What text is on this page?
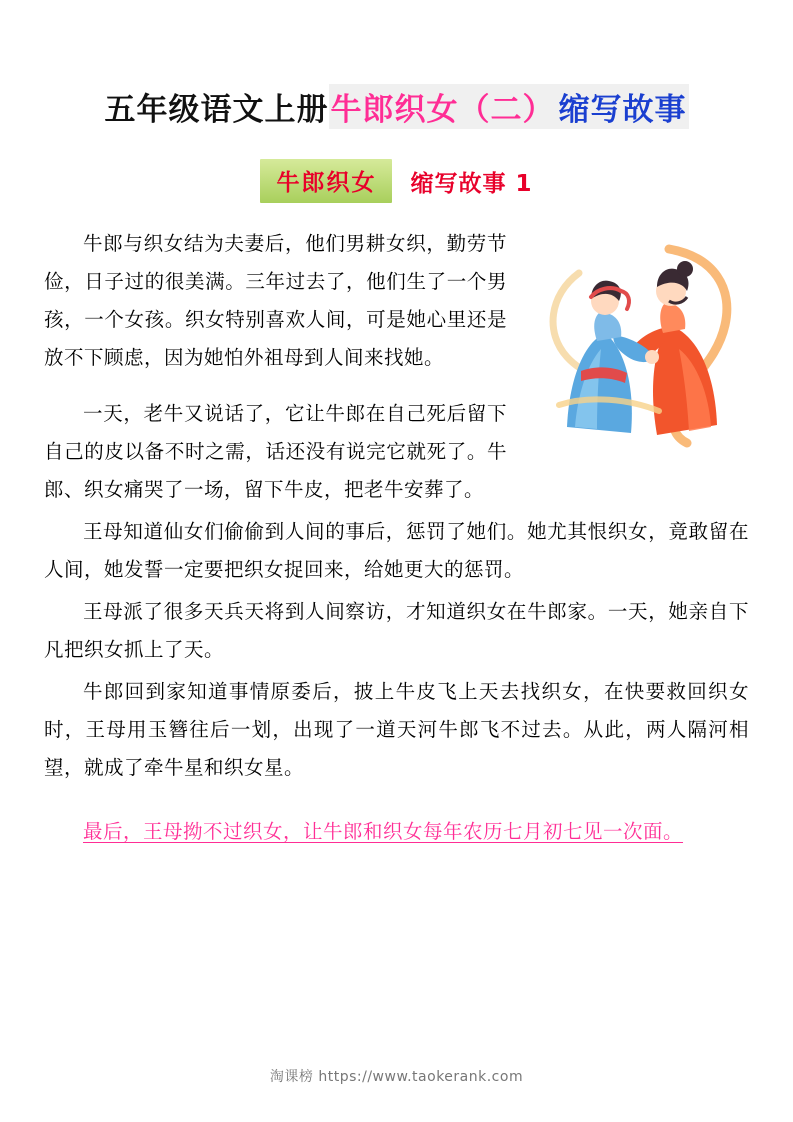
五年级语文上册 牛郎织女（二） 缩写故事
牛郎织女	缩写故事 1

牛郎与织女结为夫妻后，他们男耕女织，勤劳节俭，日子过的很美满。三年过去了，他们生了一个男孩，一个女孩。织女特别喜欢人间，可是她心里还是放不下顾虑，因为她怕外祖母到人间来找她。

一天，老牛又说话了，它让牛郎在自己死后留下自己的皮以备不时之需，话还没有说完它就死了。牛郎、织女痛哭了一场，留下牛皮，把老牛安葬了。

王母知道仙女们偷偷到人间的事后，惩罚了她们。她尤其恨织女，竟敢留在人间，她发誓一定要把织女捉回来，给她更大的惩罚。

王母派了很多天兵天将到人间察访，才知道织女在牛郎家。一天，她亲自下凡把织女抓上了天。

牛郎回到家知道事情原委后，披上牛皮飞上天去找织女，在快要救回织女时，王母用玉簪往后一划，出现了一道天河牛郎飞不过去。从此，两人隔河相望，就成了牵牛星和织女星。

最后，王母拗不过织女，让牛郎和织女每年农历七月初七见一次面。

淘课榜 https://www.taokerank.com
